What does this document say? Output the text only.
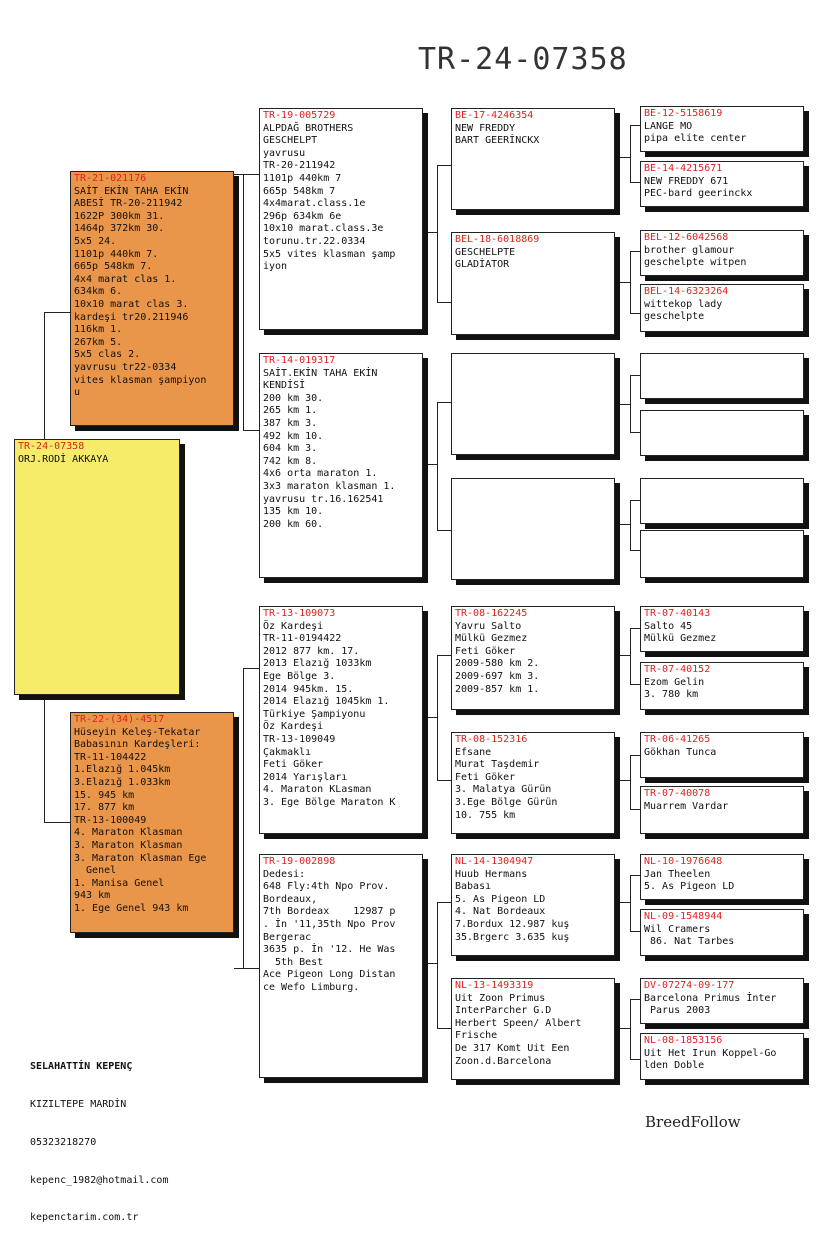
TR-24-07358
TR-24-07358
ORJ.RODİ AKKAYA
TR-21-021176
SAİT EKİN TAHA EKİN
ABESİ TR-20-211942
1622P 300km 31.
1464p 372km 30.
5x5 24.
1101p 440km 7.
665p 548km 7.
4x4 marat clas 1.
634km 6.
10x10 marat clas 3.
kardeşi tr20.211946
116km 1.
267km 5.
5x5 clas 2.
yavrusu tr22-0334
vites klasman şampiyon
u
TR-22-(34)-4517
Hüseyin Keleş-Tekatar
Babasının Kardeşleri:
TR-11-104422
1.Elazığ 1.045km
3.Elazığ 1.033km
15. 945 km
17. 877 km
TR-13-100049
4. Maraton Klasman
3. Maraton Klasman
3. Maraton Klasman Ege
Genel
1. Manisa Genel
943 km
1. Ege Genel 943 km
TR-19-005729
ALPDAĞ BROTHERS
GESCHELPT
yavrusu
TR-20-211942
1101p 440km 7
665p 548km 7
4x4marat.class.1e
296p 634km 6e
10x10 marat.class.3e
torunu.tr.22.0334
5x5 vites klasman şamp
iyon
TR-14-019317
SAİT.EKİN TAHA EKİN
KENDİSİ
200 km 30.
265 km 1.
387 km 3.
492 km 10.
604 km 3.
742 km 8.
4x6 orta maraton 1.
3x3 maraton klasman 1.
yavrusu tr.16.162541
135 km 10.
200 km 60.
TR-13-109073
Öz Kardeşi
TR-11-0194422
2012 877 km. 17.
2013 Elazığ 1033km
Ege Bölge 3.
2014 945km. 15.
2014 Elazığ 1045km 1.
Türkiye Şampiyonu
Öz Kardeşi
TR-13-109049
Çakmaklı
Feti Göker
2014 Yarışları
4. Maraton KLasman
3. Ege Bölge Maraton K
TR-19-002898
Dedesi:
648 Fly:4th Npo Prov.
Bordeaux,
7th Bordeax    12987 p
. İn '11,35th Npo Prov
Bergerac
3635 p. İn '12. He Was
5th Best
Ace Pigeon Long Distan
ce Wefo Limburg.
BE-17-4246354
NEW FREDDY
BART GEERİNCKX
BEL-18-6018869
GESCHELPTE
GLADİATOR
TR-08-162245
Yavru Salto
Mülkü Gezmez
Feti Göker
2009-580 km 2.
2009-697 km 3.
2009-857 km 1.
TR-08-152316
Efsane
Murat Taşdemir
Feti Göker
3. Malatya Gürün
3.Ege Bölge Gürün
10. 755 km
NL-14-1304947
Huub Hermans
Babası
5. As Pigeon LD
4. Nat Bordeaux
7.Bordux 12.987 kuş
35.Brgerc 3.635 kuş
NL-13-1493319
Uit Zoon Primus
InterParcher G.D
Herbert Speen/ Albert
Frische
De 317 Komt Uit Een
Zoon.d.Barcelona
BE-12-5158619
LANGE MO
pipa elite center
BE-14-4215671
NEW FREDDY 671
PEC-bard geerinckx
BEL-12-6042568
brother glamour
geschelpte witpen
BEL-14-6323264
wittekop lady
geschelpte
TR-07-40143
Salto 45
Mülkü Gezmez
TR-07-40152
Ezom Gelin
3. 780 km
TR-06-41265
Gökhan Tunca
TR-07-40078
Muarrem Vardar
NL-10-1976648
Jan Theelen
5. As Pigeon LD
NL-09-1548944
Wil Cramers
86. Nat Tarbes
DV-07274-09-177
Barcelona Primus İnter
Parus 2003
NL-08-1853156
Uit Het Irun Koppel-Go
lden Doble

SELAHATTİN KEPENÇ

KIZILTEPE MARDİN

05323218270

kepenc_1982@hotmail.com

kepenctarim.com.tr

BreedFollow
